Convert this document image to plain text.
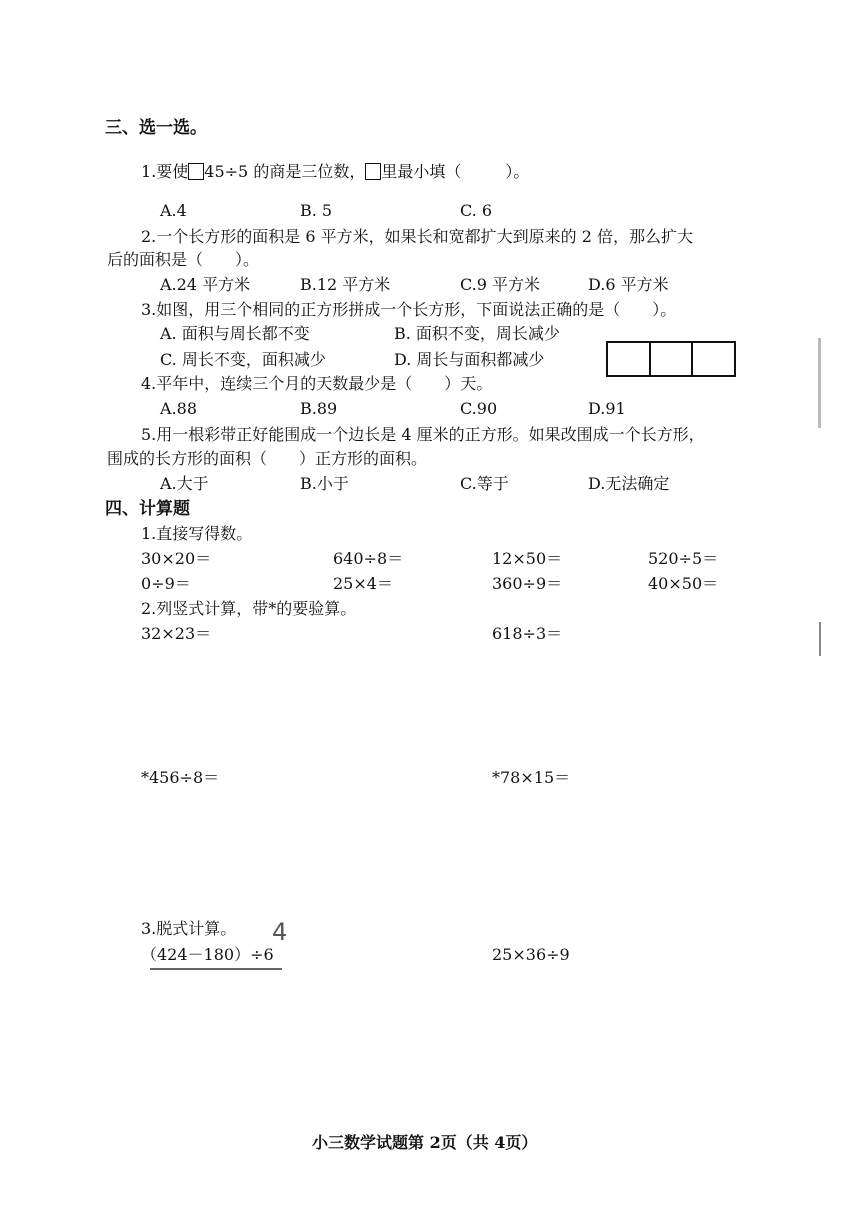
三、选一选。
1.要使 45÷5 的商是三位数， 里最小填（	）。
A.4	B. 5	C. 6
2.一个长方形的面积是 6 平方米，如果长和宽都扩大到原来的 2 倍，那么扩大
后的面积是（　　）。
A.24 平方米	B.12 平方米	C.9 平方米	D.6 平方米
3.如图，用三个相同的正方形拼成一个长方形，下面说法正确的是（　　）。
A. 面积与周长都不变	B. 面积不变，周长减少
C. 周长不变，面积减少	D. 周长与面积都减少
4.平年中，连续三个月的天数最少是（　　）天。
A.88	B.89	C.90	D.91
5.用一根彩带正好能围成一个边长是 4 厘米的正方形。如果改围成一个长方形，
围成的长方形的面积（　　）正方形的面积。
A.大于	B.小于	C.等于	D.无法确定
四、计算题
1.直接写得数。
30×20＝	640÷8＝	12×50＝	520÷5＝
0÷9＝	25×4＝	360÷9＝	40×50＝
2.列竖式计算，带*的要验算。
32×23＝	618÷3＝
*456÷8＝	*78×15＝
3.脱式计算。
（424－180）÷6	25×36÷9
4
小三数学试题第 2页（共 4页）
